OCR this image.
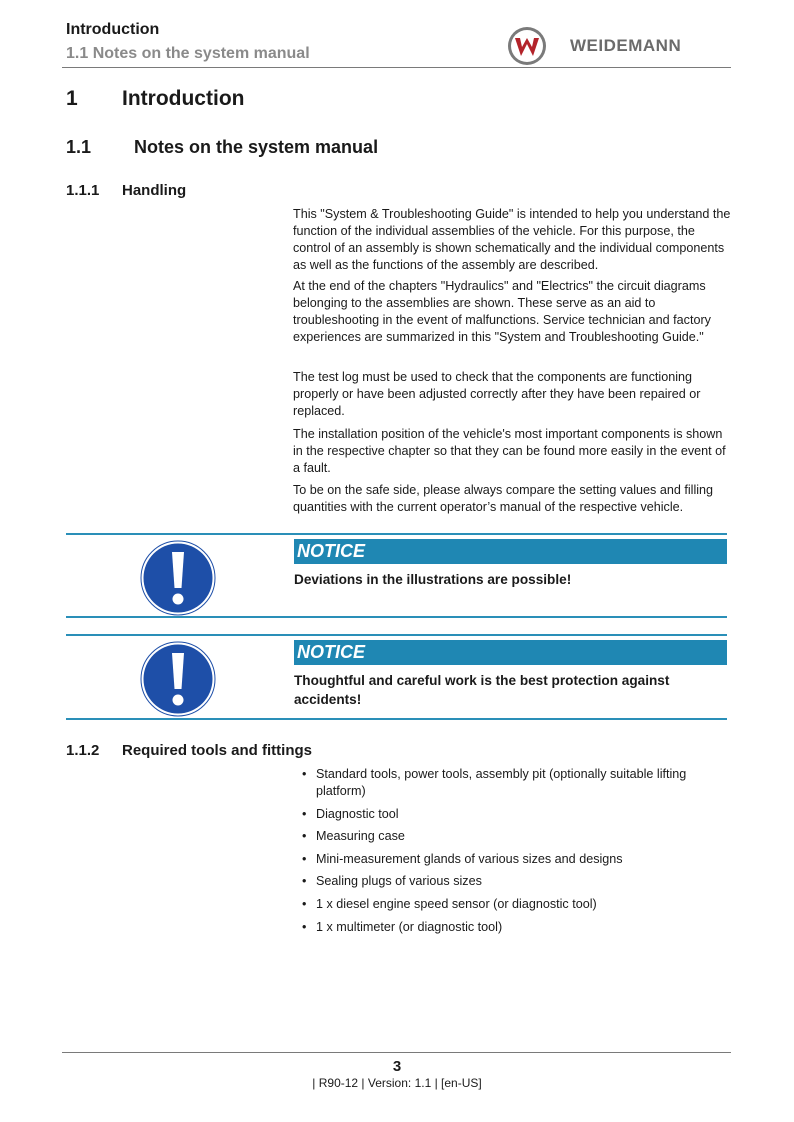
Introduction
1.1 Notes on the system manual	WEIDEMANN
1 Introduction
1.1 Notes on the system manual
1.1.1 Handling
This "System & Troubleshooting Guide" is intended to help you understand the function of the individual assemblies of the vehicle. For this purpose, the control of an assembly is shown schematically and the individual components as well as the functions of the assembly are described.
At the end of the chapters "Hydraulics" and "Electrics" the circuit diagrams belonging to the assemblies are shown. These serve as an aid to troubleshooting in the event of malfunctions. Service technician and factory experiences are summarized in this "System and Troubleshooting Guide."
The test log must be used to check that the components are functioning properly or have been adjusted correctly after they have been repaired or replaced.
The installation position of the vehicle's most important components is shown in the respective chapter so that they can be found more easily in the event of a fault.
To be on the safe side, please always compare the setting values and filling quantities with the current operator’s manual of the respective vehicle.
NOTICE
Deviations in the illustrations are possible!
NOTICE
Thoughtful and careful work is the best protection against accidents!
1.1.2 Required tools and fittings
• Standard tools, power tools, assembly pit (optionally suitable lifting platform)
• Diagnostic tool
• Measuring case
• Mini-measurement glands of various sizes and designs
• Sealing plugs of various sizes
• 1 x diesel engine speed sensor (or diagnostic tool)
• 1 x multimeter (or diagnostic tool)
3
| R90-12 | Version: 1.1 | [en-US]
